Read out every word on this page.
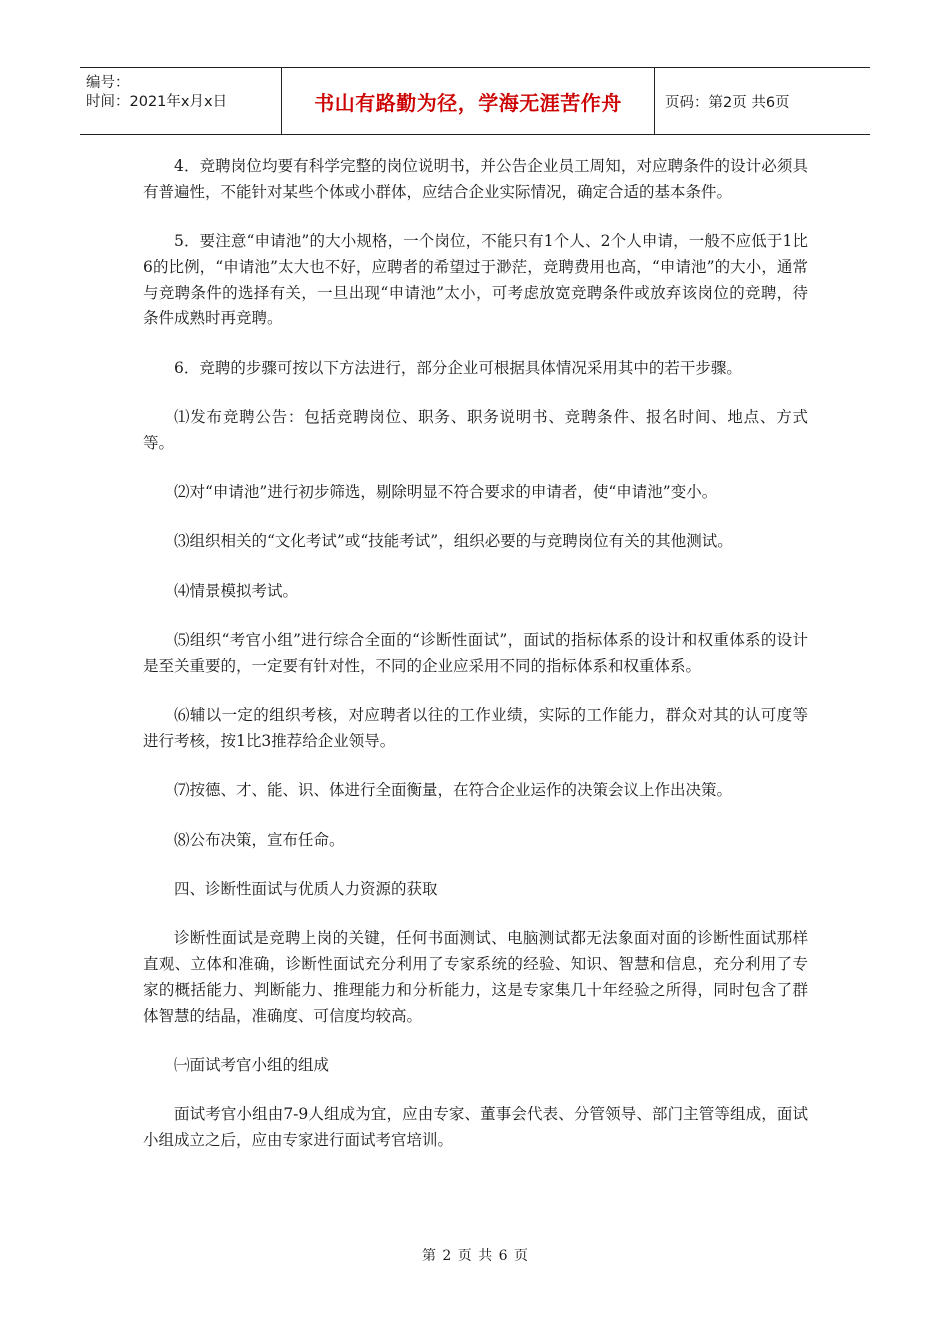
编号：
时间：2021年x月x日	书山有路勤为径，学海无涯苦作舟	页码：第2页 共6页

4．竞聘岗位均要有科学完整的岗位说明书，并公告企业员工周知，对应聘条件的设计必须具有普遍性，不能针对某些个体或小群体，应结合企业实际情况，确定合适的基本条件。

5．要注意“申请池”的大小规格，一个岗位，不能只有1个人、2个人申请，一般不应低于1比6的比例，“申请池”太大也不好，应聘者的希望过于渺茫，竞聘费用也高，“申请池”的大小，通常与竞聘条件的选择有关，一旦出现“申请池”太小，可考虑放宽竞聘条件或放弃该岗位的竞聘，待条件成熟时再竞聘。

6．竞聘的步骤可按以下方法进行，部分企业可根据具体情况采用其中的若干步骤。

⑴发布竞聘公告：包括竞聘岗位、职务、职务说明书、竞聘条件、报名时间、地点、方式等。

⑵对“申请池”进行初步筛选，剔除明显不符合要求的申请者，使“申请池”变小。

⑶组织相关的“文化考试”或“技能考试”，组织必要的与竞聘岗位有关的其他测试。

⑷情景模拟考试。

⑸组织“考官小组”进行综合全面的“诊断性面试”，面试的指标体系的设计和权重体系的设计是至关重要的，一定要有针对性，不同的企业应采用不同的指标体系和权重体系。

⑹辅以一定的组织考核，对应聘者以往的工作业绩，实际的工作能力，群众对其的认可度等进行考核，按1比3推荐给企业领导。

⑺按德、才、能、识、体进行全面衡量，在符合企业运作的决策会议上作出决策。

⑻公布决策，宣布任命。

四、诊断性面试与优质人力资源的获取

诊断性面试是竞聘上岗的关键，任何书面测试、电脑测试都无法象面对面的诊断性面试那样直观、立体和准确，诊断性面试充分利用了专家系统的经验、知识、智慧和信息，充分利用了专家的概括能力、判断能力、推理能力和分析能力，这是专家集几十年经验之所得，同时包含了群体智慧的结晶，准确度、可信度均较高。

㈠面试考官小组的组成

面试考官小组由7-9人组成为宜，应由专家、董事会代表、分管领导、部门主管等组成，面试小组成立之后，应由专家进行面试考官培训。

第 2 页 共 6 页
